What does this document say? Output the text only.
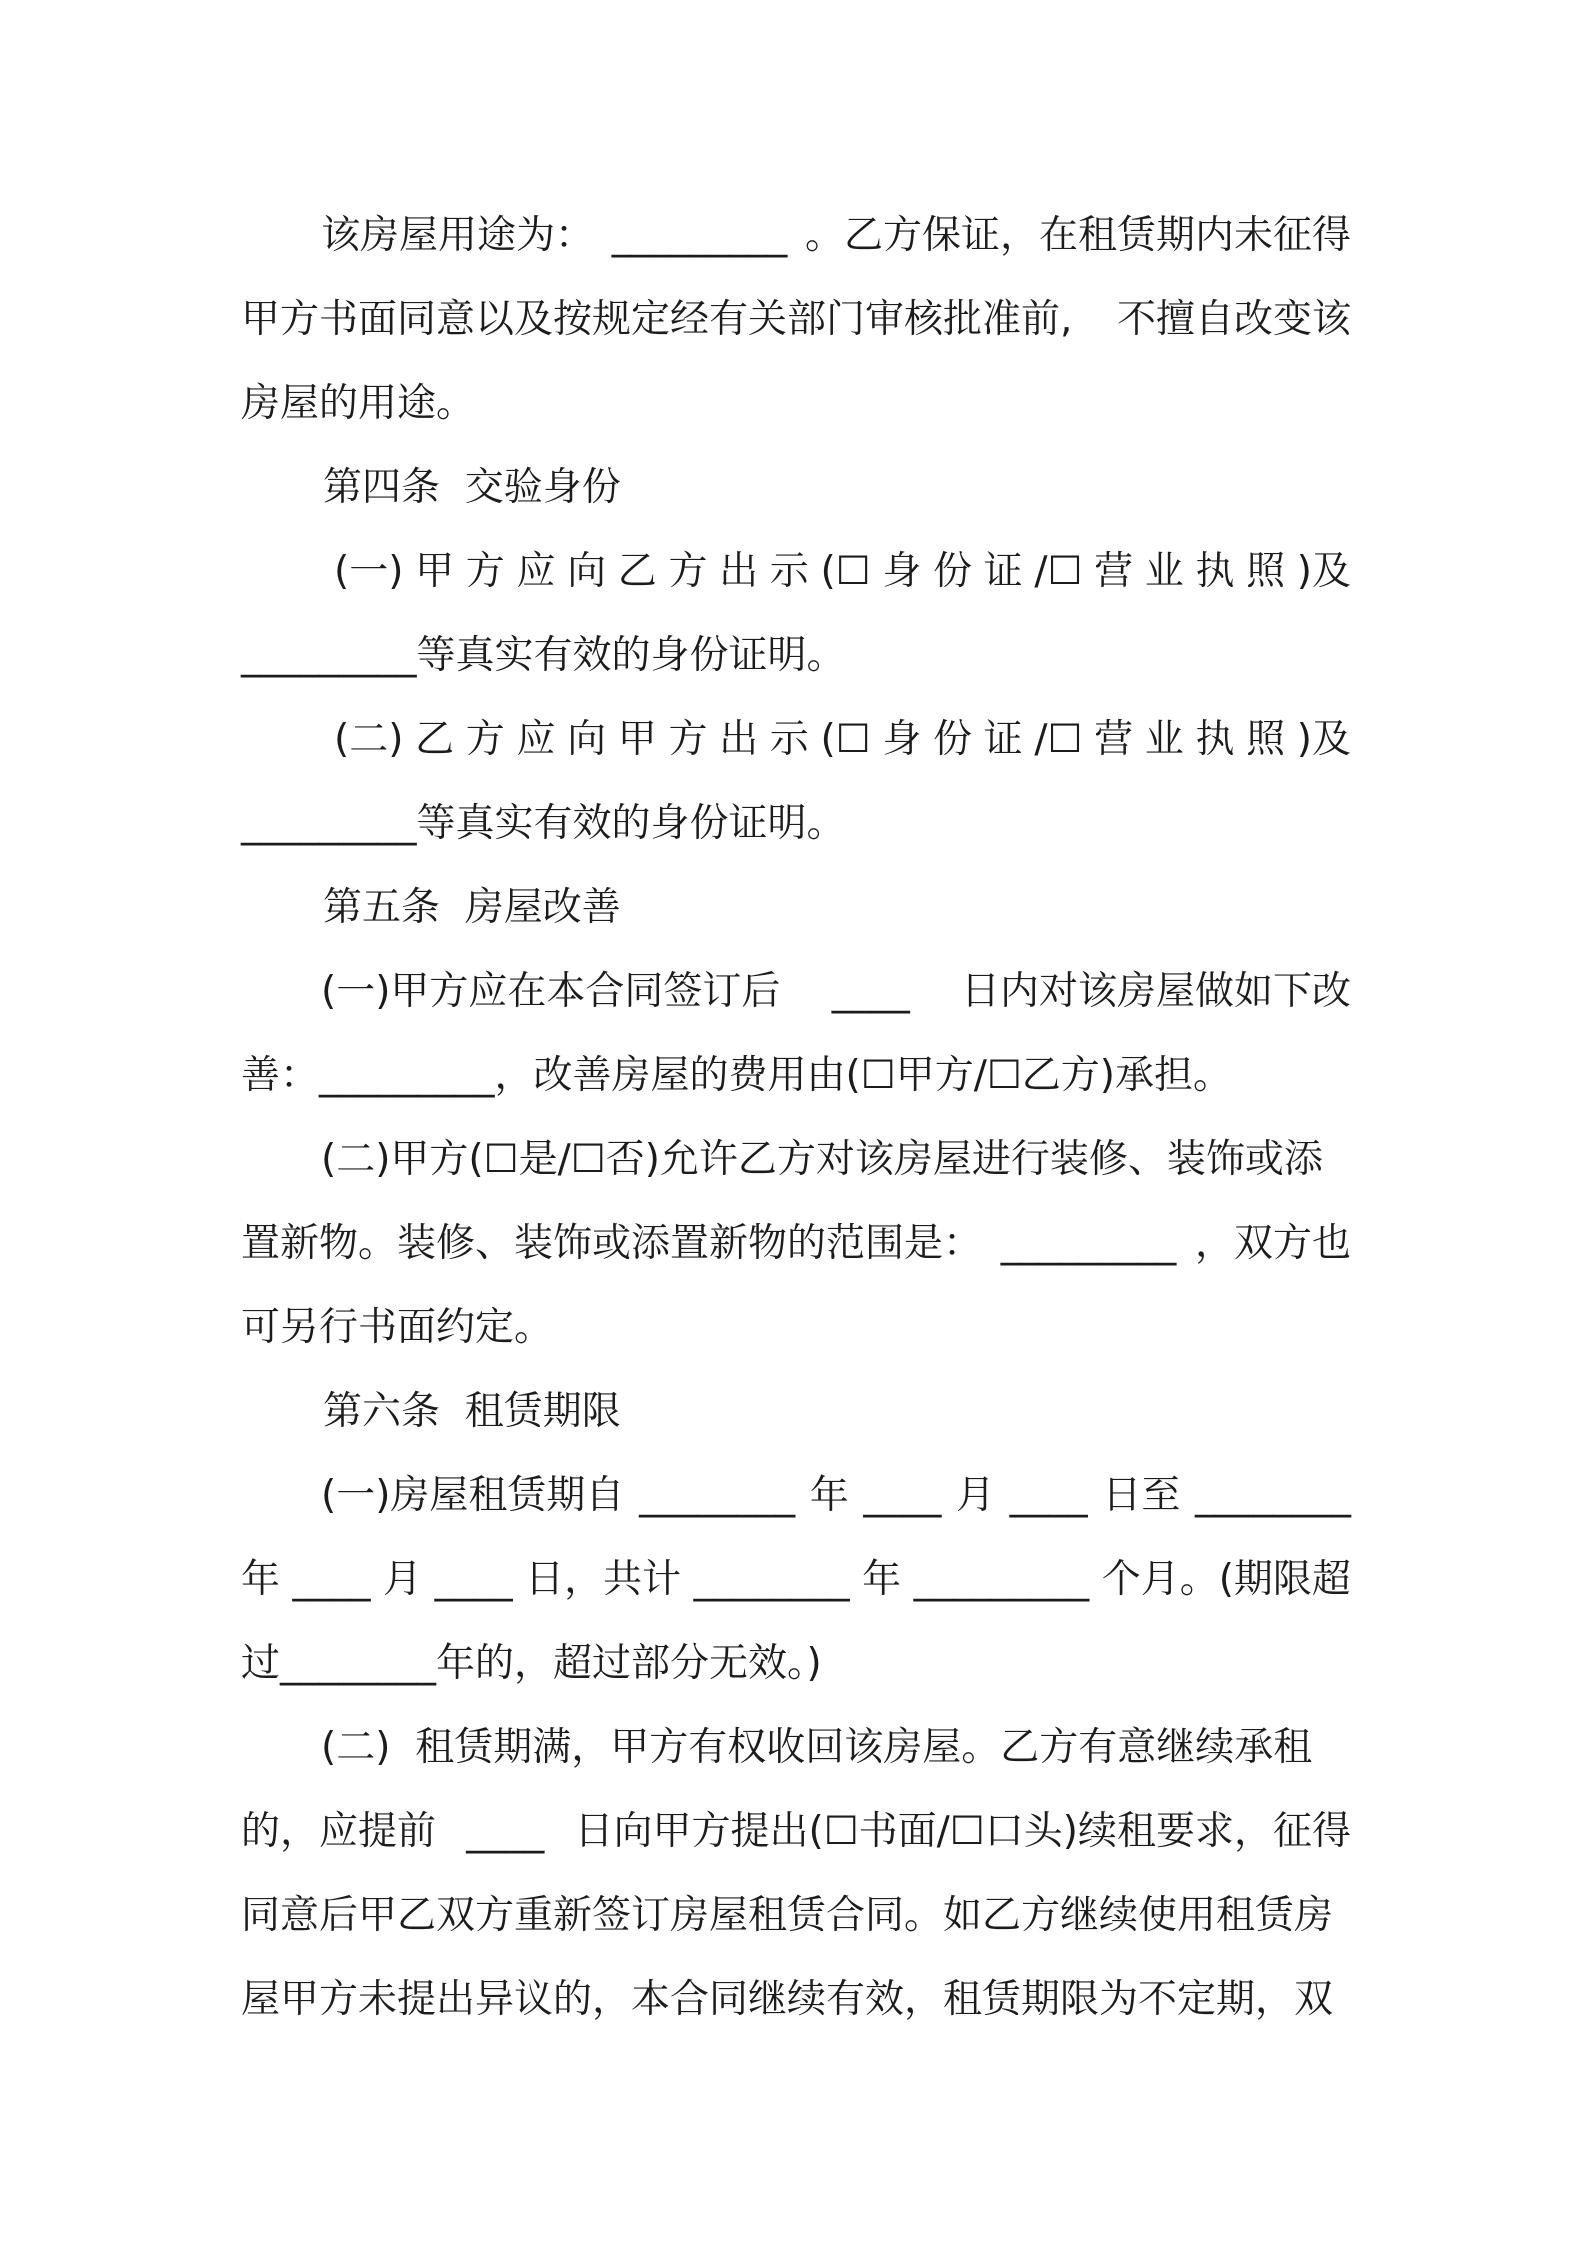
该房屋用途为： _________ 。乙方保证，在租赁期内未征得
甲方书面同意以及按规定经有关部门审核批准前, 不擅自改变该
房屋的用途。
第四条  交验身份
(一) 甲 方 应 向 乙 方 出 示 (☐ 身 份 证 /☐ 营 业 执 照 )及
_________ 等真实有效的身份证明。
(二) 乙 方 应 向 甲 方 出 示 (☐ 身 份 证 /☐ 营 业 执 照 )及
_________ 等真实有效的身份证明。
第五条  房屋改善
(一)甲方应在本合同签订后 ____ 日内对该房屋做如下改
善： _________ ，改善房屋的费用由(☐甲方/☐乙方)承担。
(二)甲方(☐是/☐否)允许乙方对该房屋进行装修、装饰或添
置新物。装修、装饰或添置新物的范围是： _________ ，双方也
可另行书面约定。
第六条  租赁期限
(一)房屋租赁期自 ________ 年 ____ 月 ____ 日至 ________
年 ____ 月 ____ 日，共计 ________ 年 _________ 个月。(期限超
过 ________ 年的，超过部分无效。)
(二)  租赁期满，甲方有权收回该房屋。乙方有意继续承租
的，应提前 ____ 日向甲方提出(☐书面/☐口头)续租要求，征得
同意后甲乙双方重新签订房屋租赁合同。如乙方继续使用租赁房
屋甲方未提出异议的，本合同继续有效，租赁期限为不定期，双
